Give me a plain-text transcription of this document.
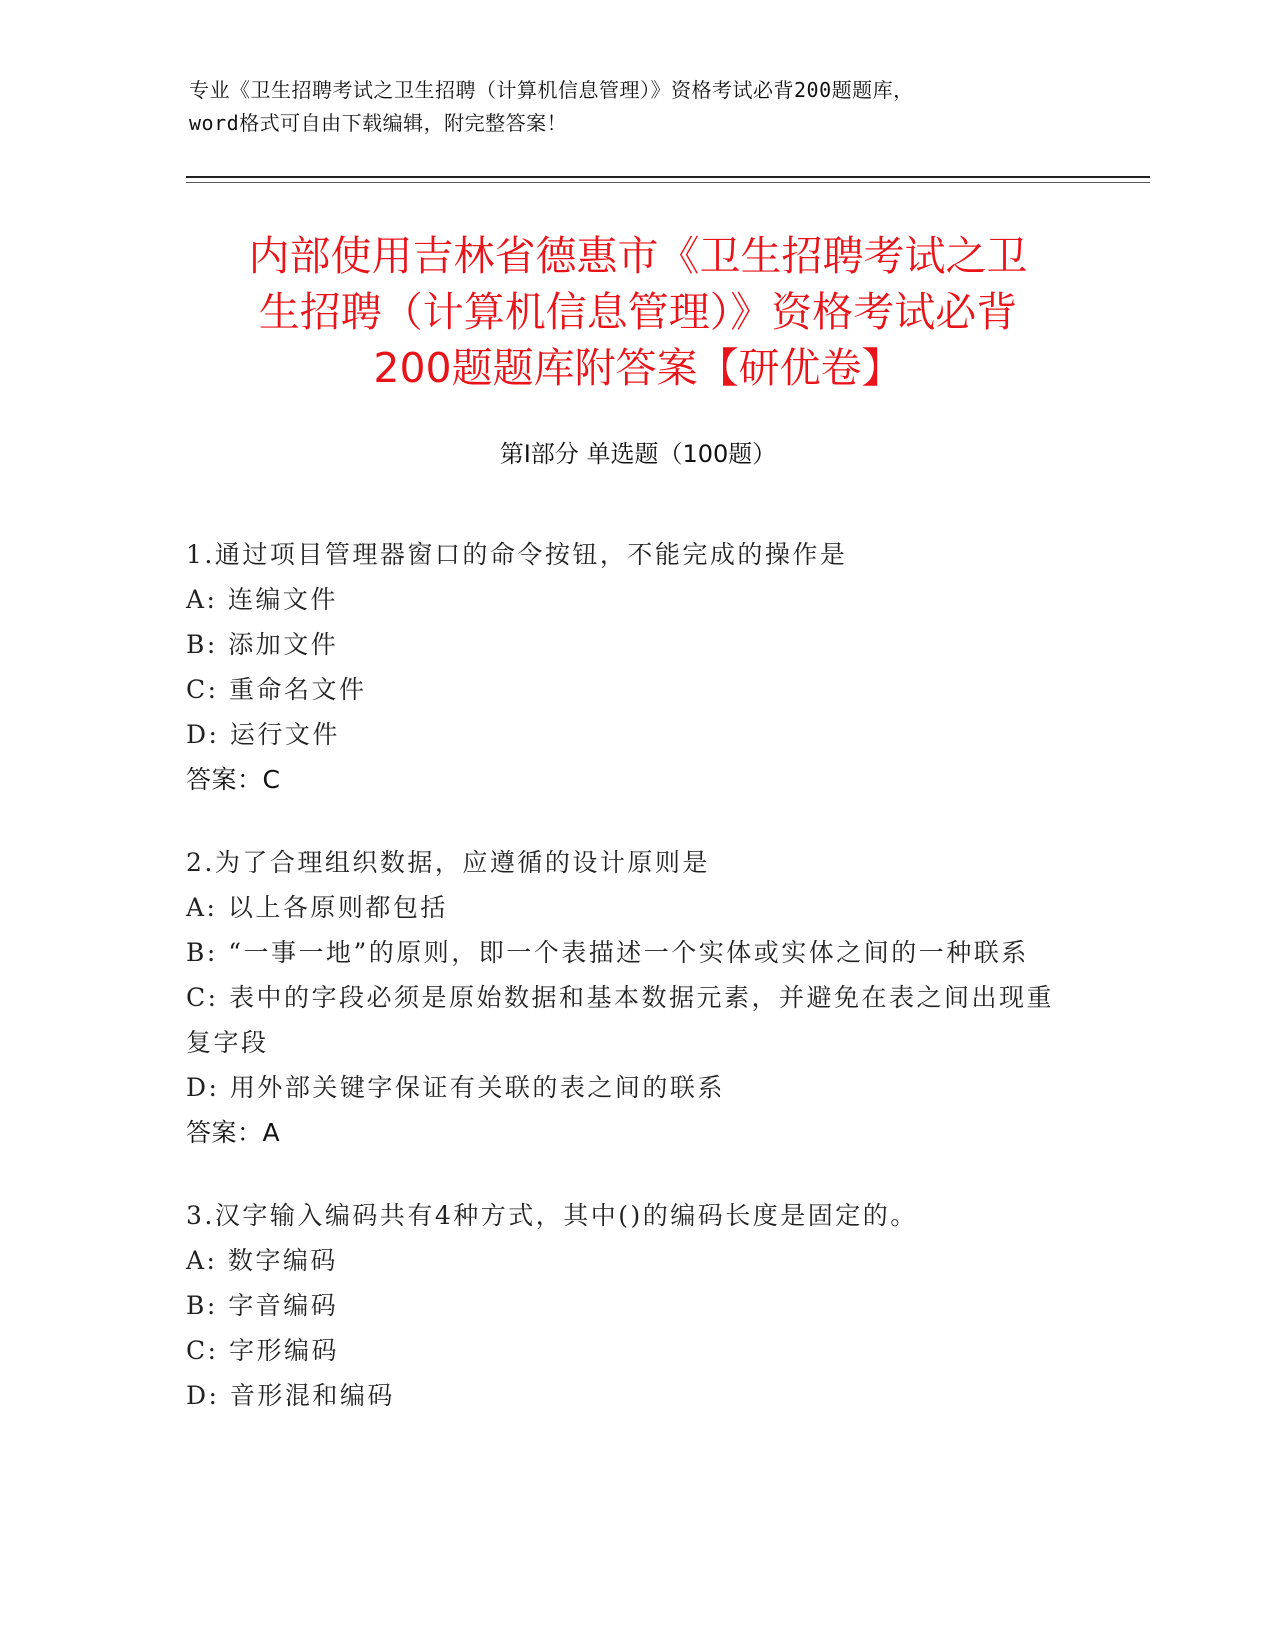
专业《卫生招聘考试之卫生招聘（计算机信息管理）》资格考试必背200题题库，
word格式可自由下载编辑，附完整答案！
内部使用吉林省德惠市《卫生招聘考试之卫
生招聘（计算机信息管理）》资格考试必背
200题题库附答案【研优卷】
第Ⅰ部分 单选题（100题）
1.通过项目管理器窗口的命令按钮，不能完成的操作是
A: 连编文件
B: 添加文件
C: 重命名文件
D: 运行文件
答案：C
2.为了合理组织数据，应遵循的设计原则是
A: 以上各原则都包括
B: “一事一地”的原则，即一个表描述一个实体或实体之间的一种联系
C: 表中的字段必须是原始数据和基本数据元素，并避免在表之间出现重复字段
D: 用外部关键字保证有关联的表之间的联系
答案：A
3.汉字输入编码共有4种方式，其中()的编码长度是固定的。
A: 数字编码
B: 字音编码
C: 字形编码
D: 音形混和编码
